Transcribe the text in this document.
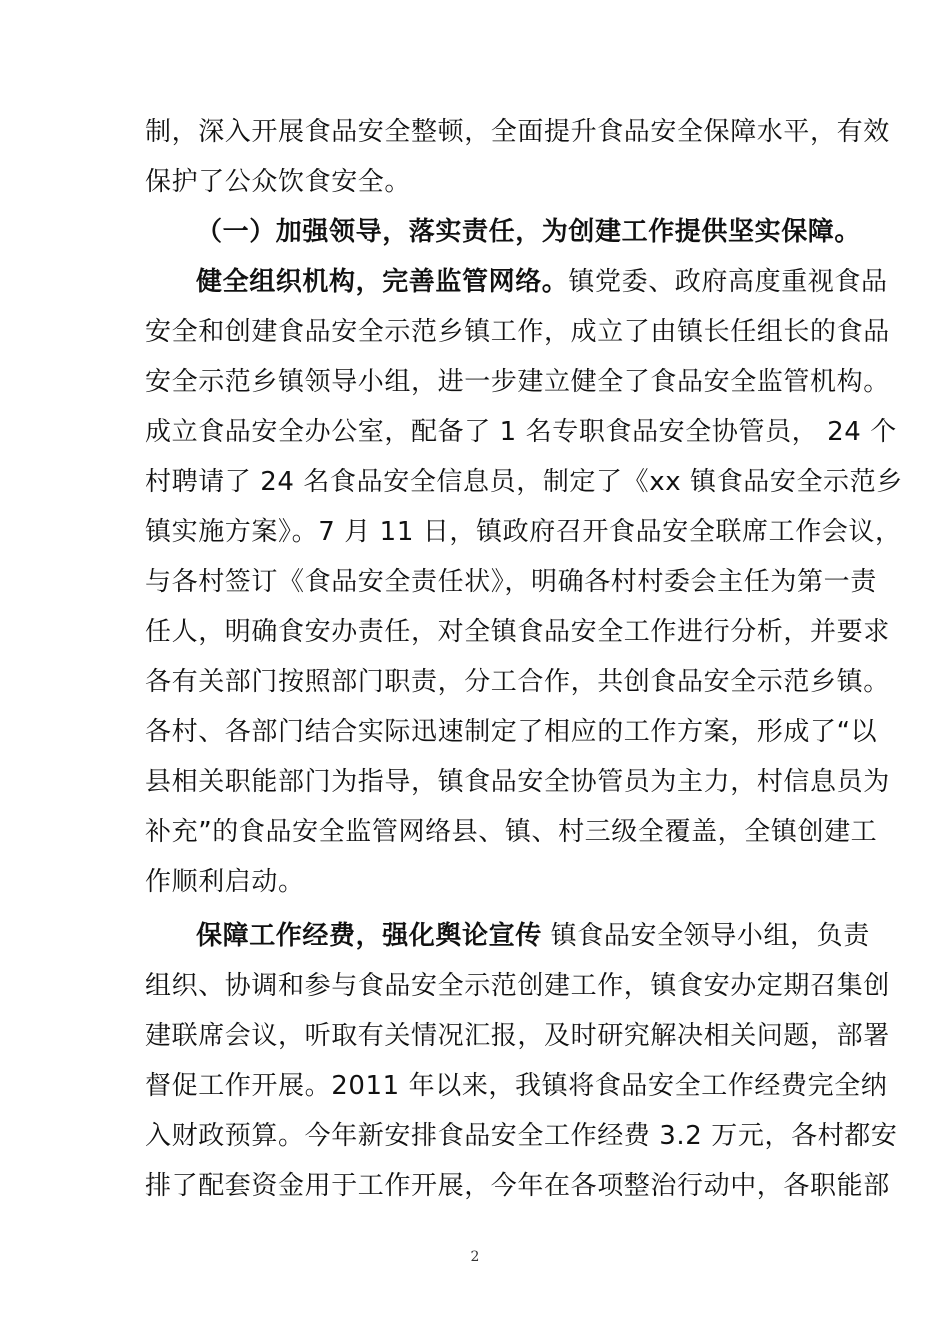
制，深入开展食品安全整顿，全面提升食品安全保障水平，有效
保护了公众饮食安全。
（一）加强领导，落实责任，为创建工作提供坚实保障。
健全组织机构，完善监管网络。镇党委、政府高度重视食品
安全和创建食品安全示范乡镇工作，成立了由镇长任组长的食品
安全示范乡镇领导小组，进一步建立健全了食品安全监管机构。
成立食品安全办公室，配备了 1 名专职食品安全协管员， 24 个
村聘请了 24 名食品安全信息员，制定了《xx 镇食品安全示范乡
镇实施方案》。7 月 11 日，镇政府召开食品安全联席工作会议，
与各村签订《食品安全责任状》，明确各村村委会主任为第一责
任人，明确食安办责任，对全镇食品安全工作进行分析，并要求
各有关部门按照部门职责，分工合作，共创食品安全示范乡镇。
各村、各部门结合实际迅速制定了相应的工作方案，形成了“以
县相关职能部门为指导，镇食品安全协管员为主力，村信息员为
补充”的食品安全监管网络县、镇、村三级全覆盖，全镇创建工
作顺利启动。
保障工作经费，强化舆论宣传 镇食品安全领导小组，负责
组织、协调和参与食品安全示范创建工作，镇食安办定期召集创
建联席会议，听取有关情况汇报，及时研究解决相关问题，部署
督促工作开展。2011 年以来，我镇将食品安全工作经费完全纳
入财政预算。今年新安排食品安全工作经费 3.2 万元，各村都安
排了配套资金用于工作开展，今年在各项整治行动中，各职能部
2
